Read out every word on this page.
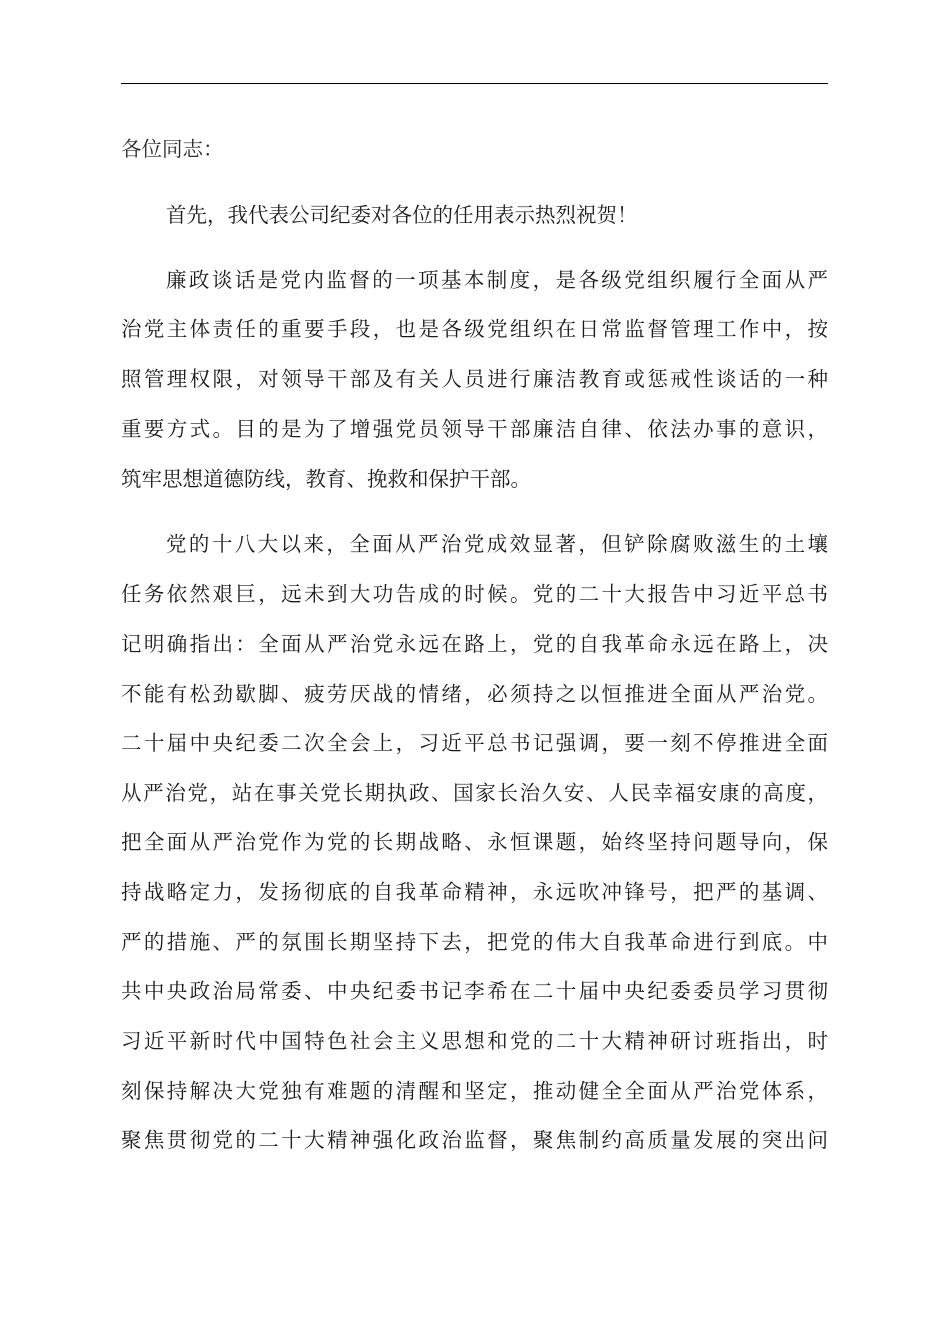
各位同志：
首先，我代表公司纪委对各位的任用表示热烈祝贺！
廉政谈话是党内监督的一项基本制度，是各级党组织履行全面从严
治党主体责任的重要手段，也是各级党组织在日常监督管理工作中，按
照管理权限，对领导干部及有关人员进行廉洁教育或惩戒性谈话的一种
重要方式。目的是为了增强党员领导干部廉洁自律、依法办事的意识，
筑牢思想道德防线，教育、挽救和保护干部。
党的十八大以来，全面从严治党成效显著，但铲除腐败滋生的土壤
任务依然艰巨，远未到大功告成的时候。党的二十大报告中习近平总书
记明确指出：全面从严治党永远在路上，党的自我革命永远在路上，决
不能有松劲歇脚、疲劳厌战的情绪，必须持之以恒推进全面从严治党。
二十届中央纪委二次全会上，习近平总书记强调，要一刻不停推进全面
从严治党，站在事关党长期执政、国家长治久安、人民幸福安康的高度，
把全面从严治党作为党的长期战略、永恒课题，始终坚持问题导向，保
持战略定力，发扬彻底的自我革命精神，永远吹冲锋号，把严的基调、
严的措施、严的氛围长期坚持下去，把党的伟大自我革命进行到底。中
共中央政治局常委、中央纪委书记李希在二十届中央纪委委员学习贯彻
习近平新时代中国特色社会主义思想和党的二十大精神研讨班指出，时
刻保持解决大党独有难题的清醒和坚定，推动健全全面从严治党体系，
聚焦贯彻党的二十大精神强化政治监督，聚焦制约高质量发展的突出问
